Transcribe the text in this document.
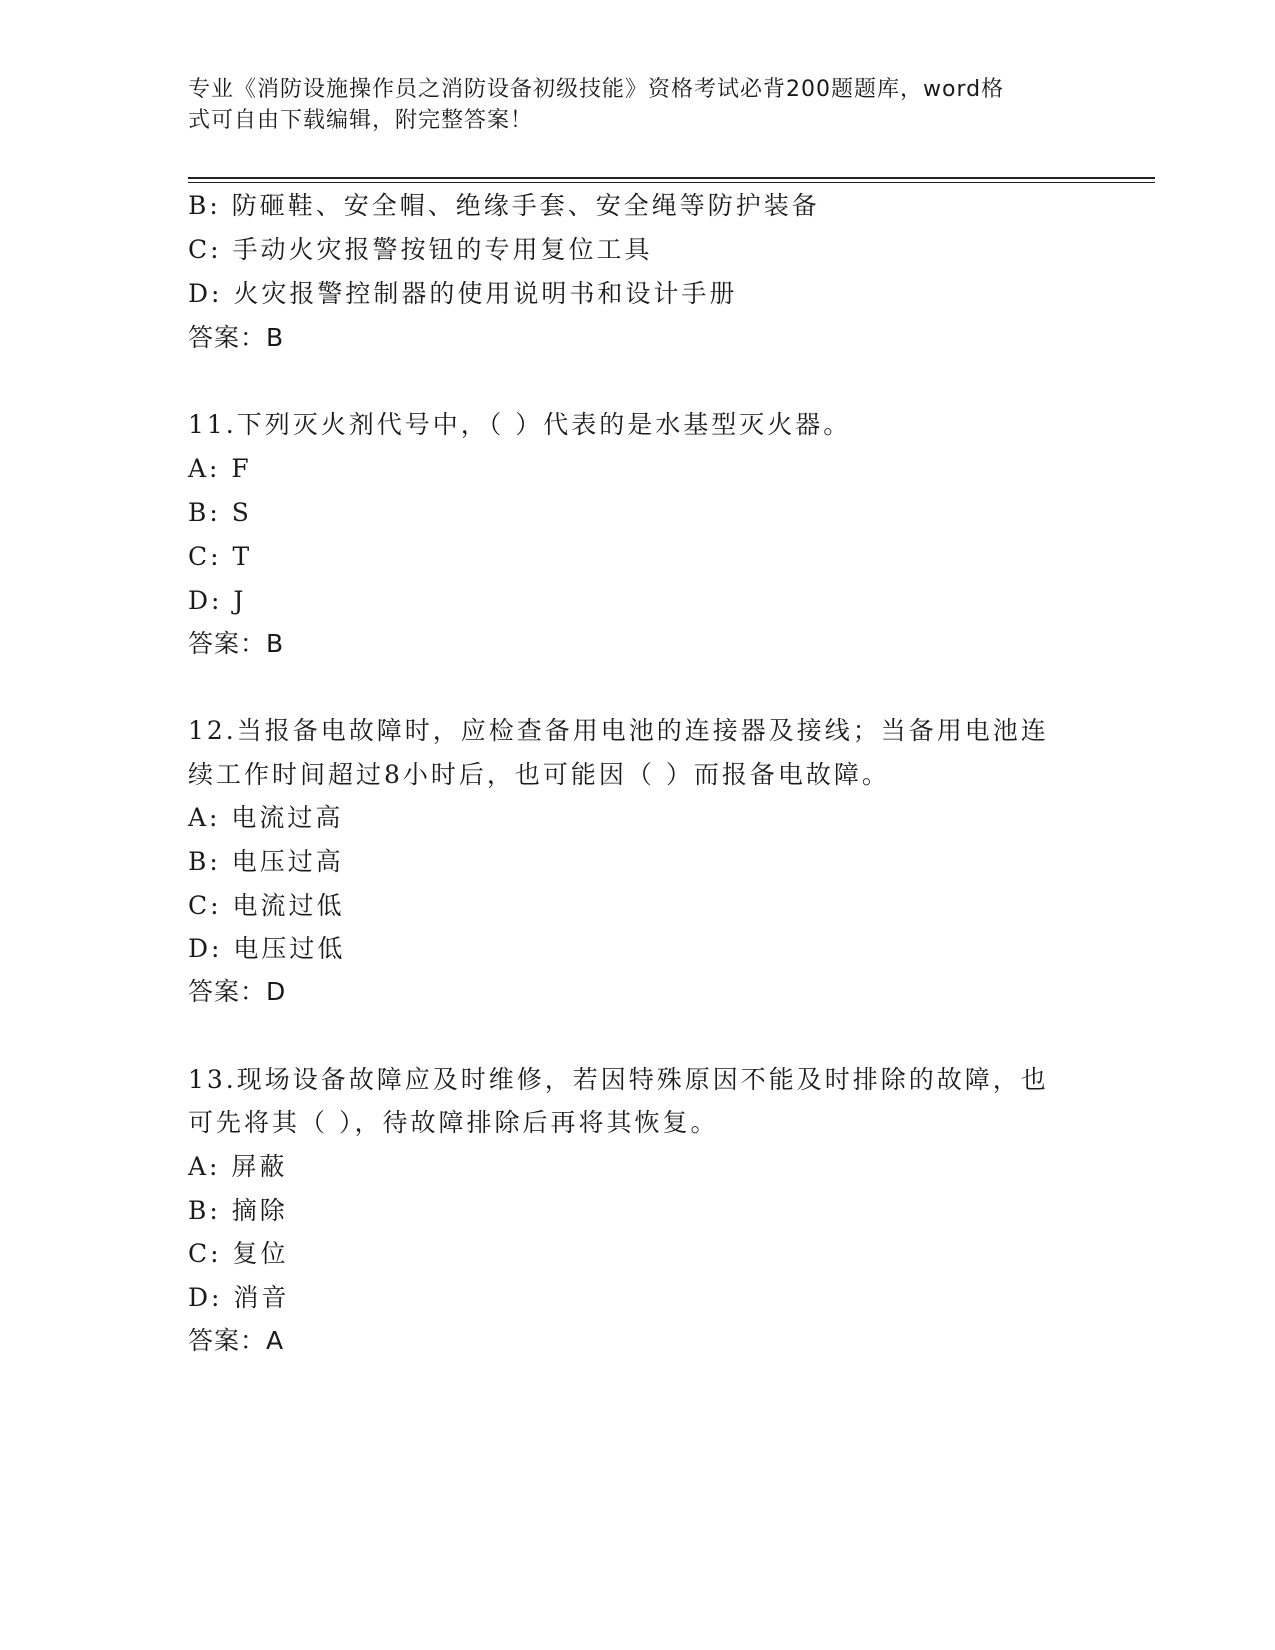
专业《消防设施操作员之消防设备初级技能》资格考试必背200题题库，word格
式可自由下载编辑，附完整答案！
B: 防砸鞋、安全帽、绝缘手套、安全绳等防护装备
C: 手动火灾报警按钮的专用复位工具
D: 火灾报警控制器的使用说明书和设计手册
答案：B
11.下列灭火剂代号中，（ ）代表的是水基型灭火器。
A: F
B: S
C: T
D: J
答案：B
12.当报备电故障时，应检查备用电池的连接器及接线；当备用电池连
续工作时间超过8小时后，也可能因（ ）而报备电故障。
A: 电流过高
B: 电压过高
C: 电流过低
D: 电压过低
答案：D
13.现场设备故障应及时维修，若因特殊原因不能及时排除的故障，也
可先将其（ ），待故障排除后再将其恢复。
A: 屏蔽
B: 摘除
C: 复位
D: 消音
答案：A
